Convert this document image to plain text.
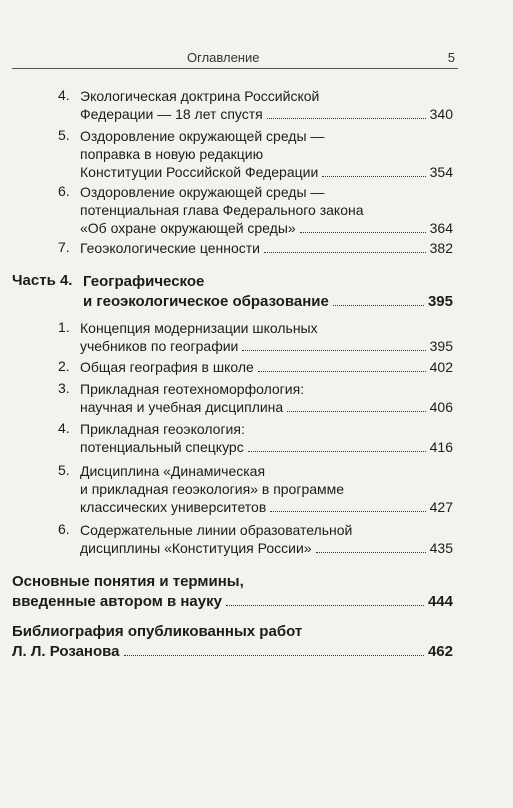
Оглавление	5
4. Экологическая доктрина Российской
Федерации — 18 лет спустя	340
5. Оздоровление окружающей среды —
поправка в новую редакцию
Конституции Российской Федерации	354
6. Оздоровление окружающей среды —
потенциальная глава Федерального закона
«Об охране окружающей среды»	364
7. Геоэкологические ценности	382
Часть 4. Географическое
и геоэкологическое образование	395
1. Концепция модернизации школьных
учебников по географии	395
2. Общая география в школе	402
3. Прикладная геотехноморфология:
научная и учебная дисциплина	406
4. Прикладная геоэкология:
потенциальный спецкурс	416
5. Дисциплина «Динамическая
и прикладная геоэкология» в программе
классических университетов	427
6. Содержательные линии образовательной
дисциплины «Конституция России»	435
Основные понятия и термины,
введенные автором в науку	444
Библиография опубликованных работ
Л. Л. Розанова	462
